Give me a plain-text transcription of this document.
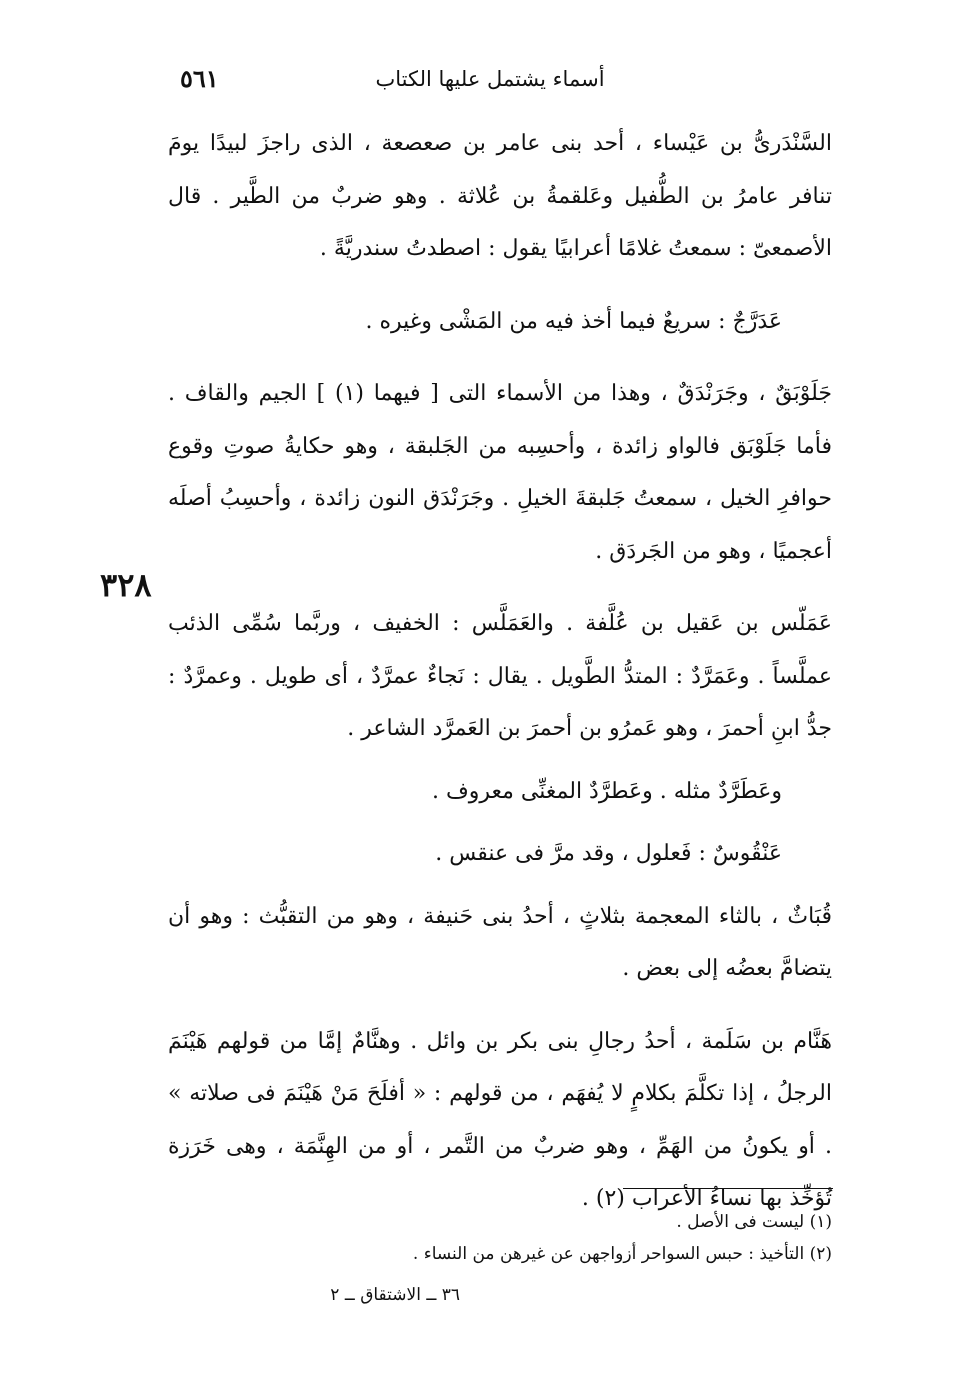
أسماء يشتمل عليها الكتاب
٥٦١
٣٢٨

السَّنْدَرىُّ بن عَيْساء ، أحد بنى عامر بن صعصعة ، الذى راجزَ لبيدًا يومَ تنافر عامرُ بن الطُّفيل وعَلقمةُ بن عُلاثة . وهو ضربٌ من الطَّير . قال الأصمعىّ : سمعتُ غلامًا أعرابيًا يقول : اصطدتُ سندريَّةً .

عَدَرَّجٌ : سريعٌ فيما أخذ فيه من المَشْى وغيره .

جَلَوْبَقٌ ، وجَرَنْدَقٌ ، وهذا من الأسماء التى [ فيهما (١) ] الجيم والقاف . فأما جَلَوْبَق فالواو زائدة ، وأحسِبه من الجَلبقة ، وهو حكايةُ صوتِ وقوع حوافرِ الخيل ، سمعتُ جَلبقةَ الخيلِ . وجَرَنْدَق النون زائدة ، وأحسِبُ أصلَه أعجميًا ، وهو من الجَردَق .

عَمَلّس بن عَقيل بن عُلَّفة . والعَمَلَّس : الخفيف ، وربَّما سُمِّى الذئب عملَّساً . وعَمَرَّدٌ : المتدُّ الطَّويل . يقال : نَجاءٌ عمرَّدٌ ، أى طويل . وعمرَّدٌ : جدُّ ابنِ أحمرَ ، وهو عَمرُو بن أحمرَ بن العَمرَّد الشاعر .

وعَطَرَّدٌ مثله . وعَطرَّدٌ المغنِّى معروف .

عَنْقُوسٌ : فَعلول ، وقد مرَّ فى عنقس .

قُبَاثٌ ، بالثاء المعجمة بثلاثٍ ، أحدُ بنى حَنيفة ، وهو من التقبُّث : وهو أن يتضامَّ بعضُه إلى بعض .

هَنَّام بن سَلَمة ، أحدُ رجالِ بنى بكر بن وائل . وهنَّامٌ إمَّا من قولهم هَيْنَمَ الرجلُ ، إذا تكلَّمَ بكلامٍ لا يُفهَم ، من قولهم : « أفلَحَ مَنْ هَيْنَمَ فى صلاته » . أو يكونُ من الهَمِّ ، وهو ضربٌ من التَّمر ، أو من الهِنَّمَة ، وهى خَرَزة تُؤخِّذ بها نساءُ الأعراب (٢) .

(١) ليست فى الأصل .
(٢) التأخيذ : حبس السواحر أزواجهن عن غيرهن من النساء .
٣٦ ــ الاشتقاق ــ ٢
